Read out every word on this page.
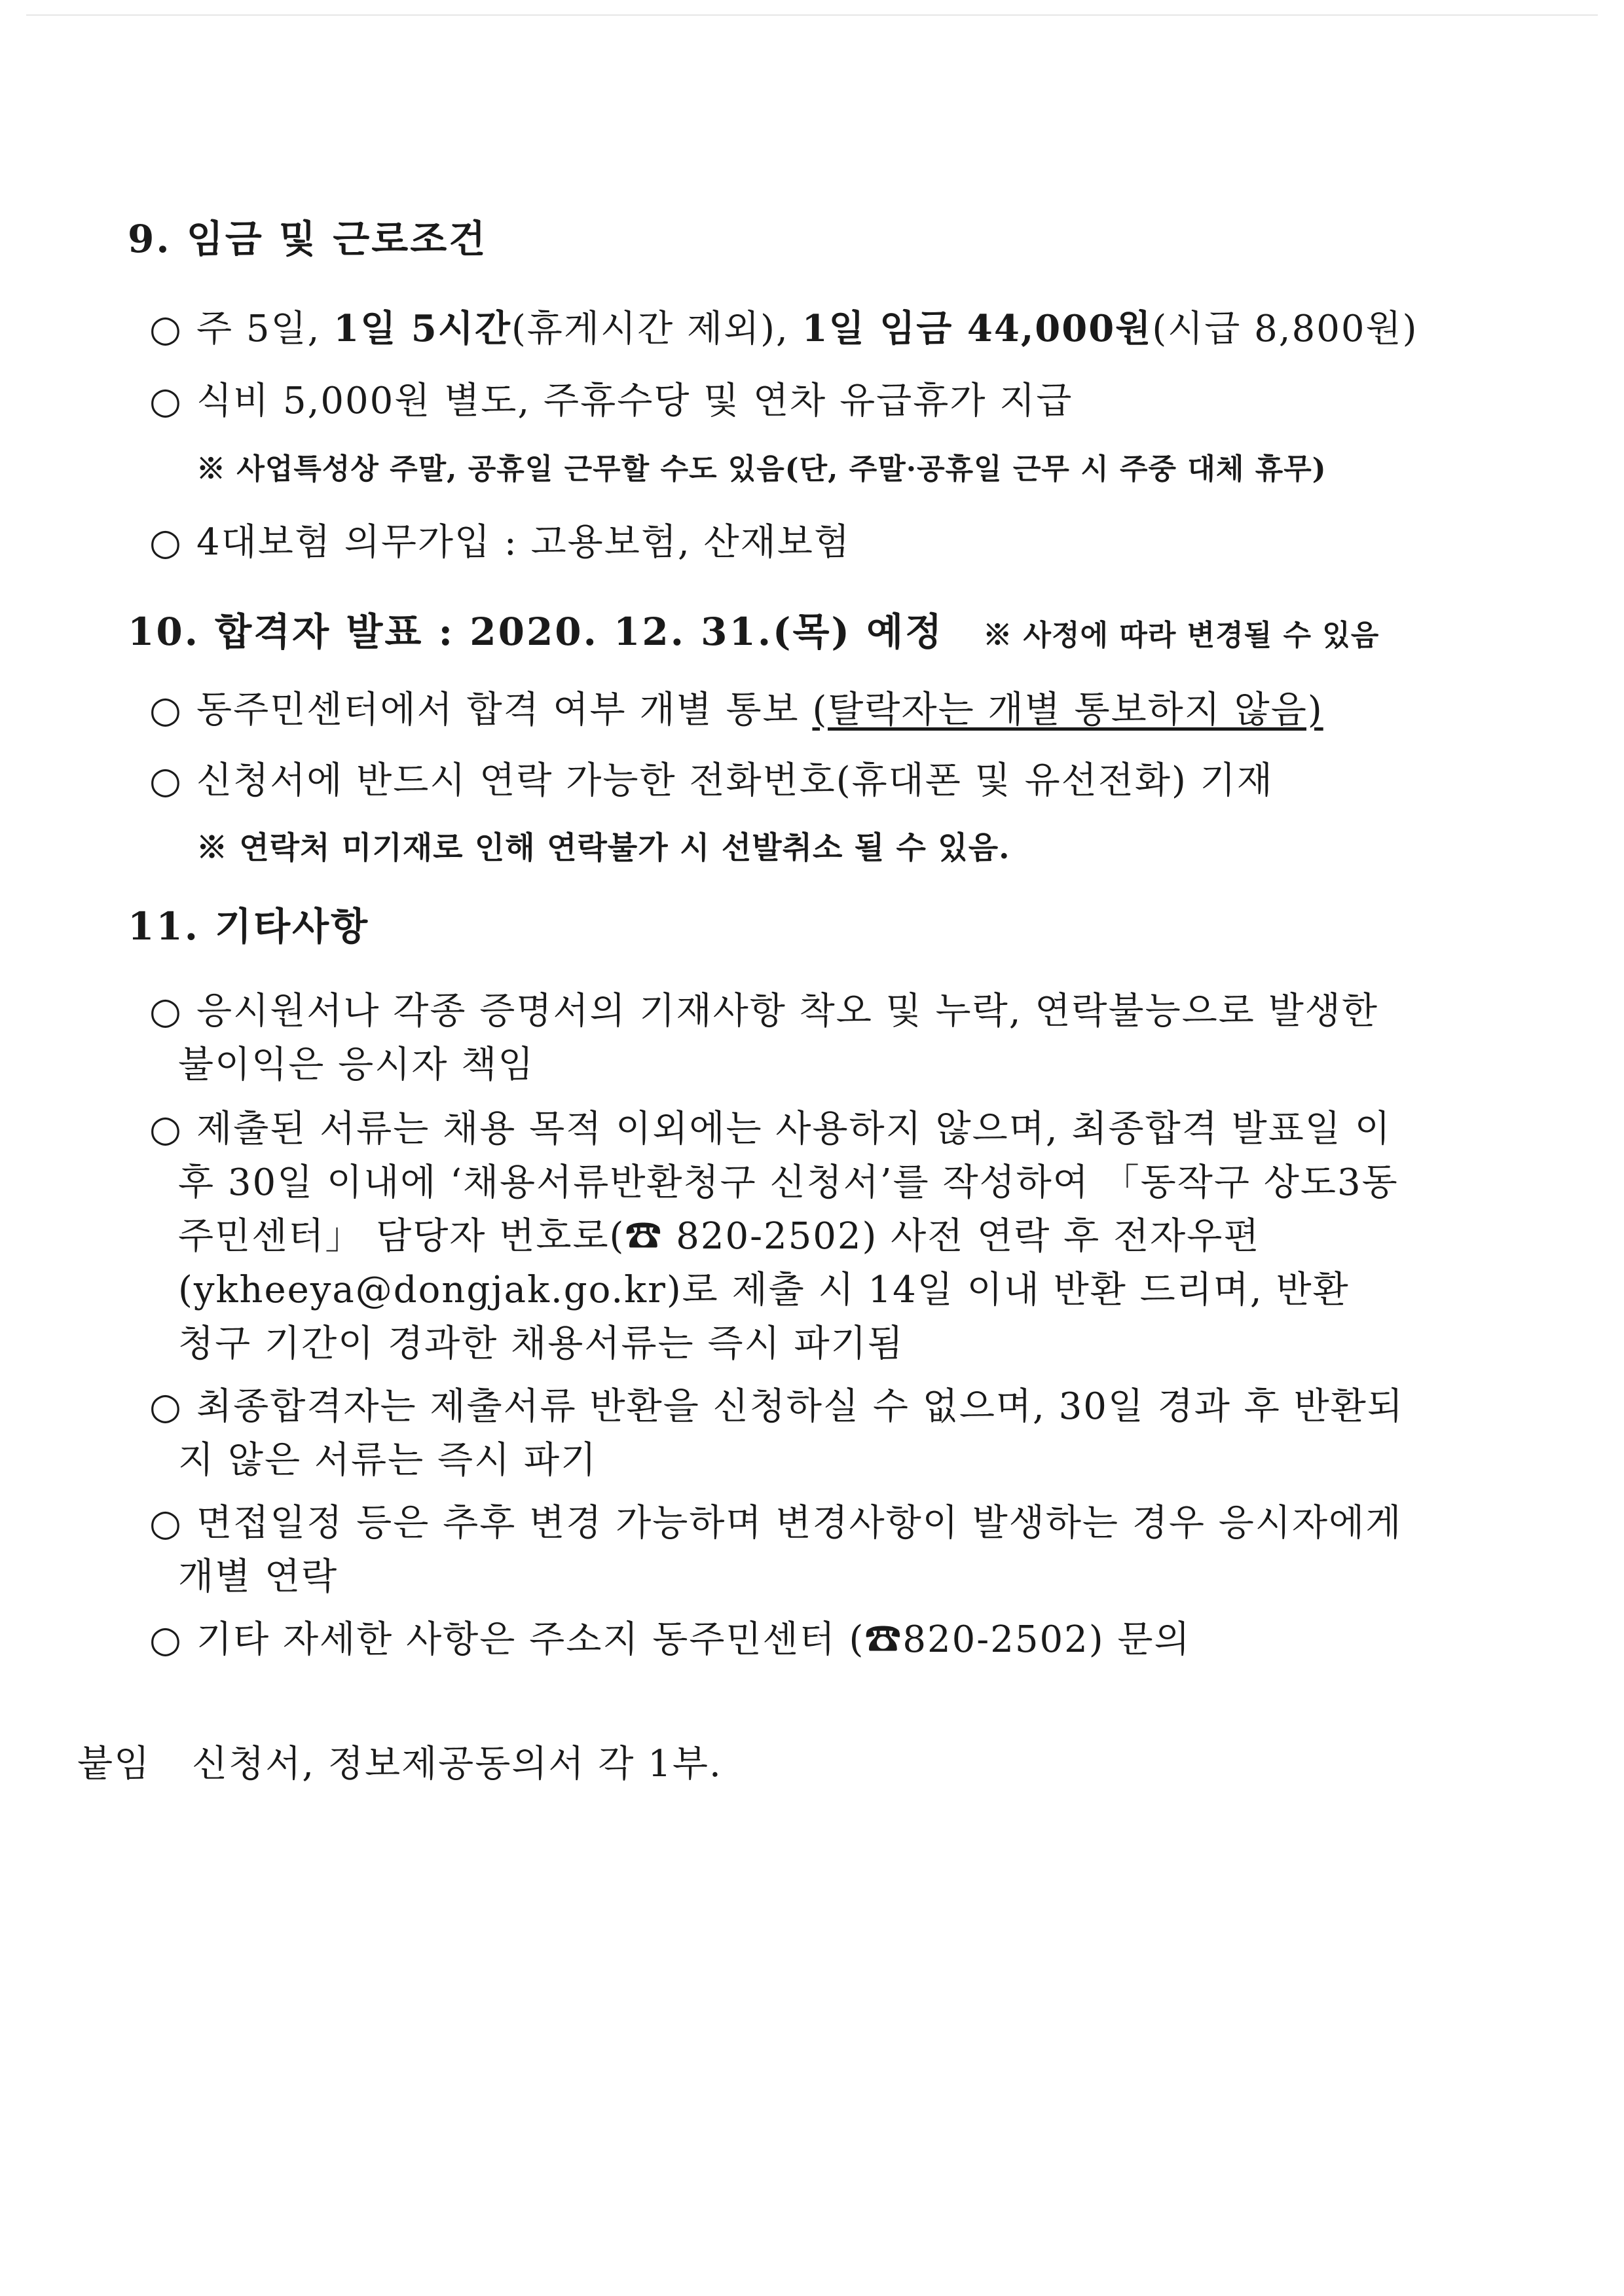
9. 임금 및 근로조건
○ 주 5일, 1일 5시간(휴게시간 제외), 1일 임금 44,000원(시급 8,800원)
○ 식비 5,000원 별도, 주휴수당 및 연차 유급휴가 지급
※ 사업특성상 주말, 공휴일 근무할 수도 있음(단, 주말·공휴일 근무 시 주중 대체 휴무)
○ 4대보험 의무가입 : 고용보험, 산재보험
10. 합격자 발표 : 2020. 12. 31.(목) 예정 ※ 사정에 따라 변경될 수 있음
○ 동주민센터에서 합격 여부 개별 통보 (탈락자는 개별 통보하지 않음)
○ 신청서에 반드시 연락 가능한 전화번호(휴대폰 및 유선전화) 기재
※ 연락처 미기재로 인해 연락불가 시 선발취소 될 수 있음.
11. 기타사항
○ 응시원서나 각종 증명서의 기재사항 착오 및 누락, 연락불능으로 발생한
불이익은 응시자 책임
○ 제출된 서류는 채용 목적 이외에는 사용하지 않으며, 최종합격 발표일 이
후 30일 이내에 ‘채용서류반환청구 신청서’를 작성하여 「동작구 상도3동
주민센터」 담당자 번호로(☎ 820-2502) 사전 연락 후 전자우편
(ykheeya@dongjak.go.kr)로 제출 시 14일 이내 반환 드리며, 반환
청구 기간이 경과한 채용서류는 즉시 파기됨
○ 최종합격자는 제출서류 반환을 신청하실 수 없으며, 30일 경과 후 반환되
지 않은 서류는 즉시 파기
○ 면접일정 등은 추후 변경 가능하며 변경사항이 발생하는 경우 응시자에게
개별 연락
○ 기타 자세한 사항은 주소지 동주민센터 (☎820-2502) 문의
붙임 신청서, 정보제공동의서 각 1부.
